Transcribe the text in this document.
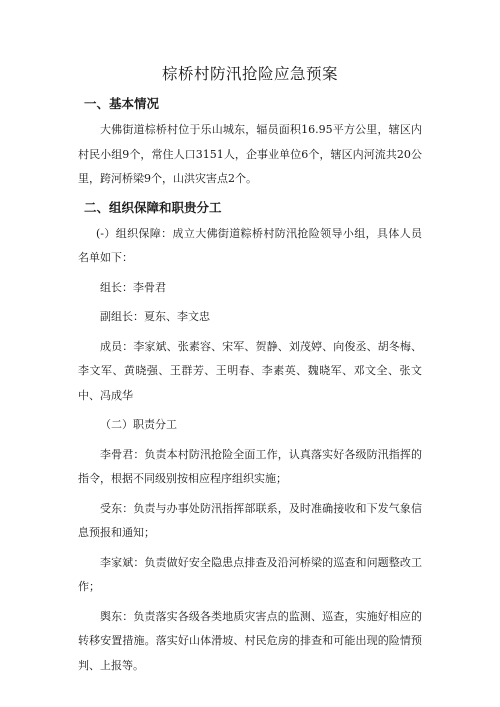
棕桥村防汛抢险应急预案
一、基本情况

大佛街道棕桥村位于乐山城东，辐员面积16.95平方公里，辖区内村民小组9个，常住人口3151人，企事业单位6个，辖区内河流共20公里，跨河桥梁9个，山洪灾害点2个。

二、组织保障和职贵分工

(-）组织保障：成立大佛街道粽桥村防汛抢险领导小组，具体人员名单如下：

组长：李骨君

副组长：夏东、李文忠

成员：李家斌、张素容、宋军、贺静、刘茂婷、向俊丞、胡冬梅、李文军、黄晓强、王群芳、王明春、李素英、魏晓军、邓文全、张文中、冯成华

（二）职责分工

李骨君：负责本村防汛抢险全面工作，认真落实好各级防汛指挥的指令，根据不同级别按相应程序组织实施；

受东：负责与办事处防汛指挥部联系，及时准确接收和下发气象信息预报和通知；

李家斌：负责做好安全隐患点排查及沿河桥梁的巡查和问题整改工作；

舆东：负责落实各级各类地质灾害点的监测、巡查，实施好相应的转移安置措施。落实好山体滑坡、村民危房的排查和可能出现的险情预判、上报等。
